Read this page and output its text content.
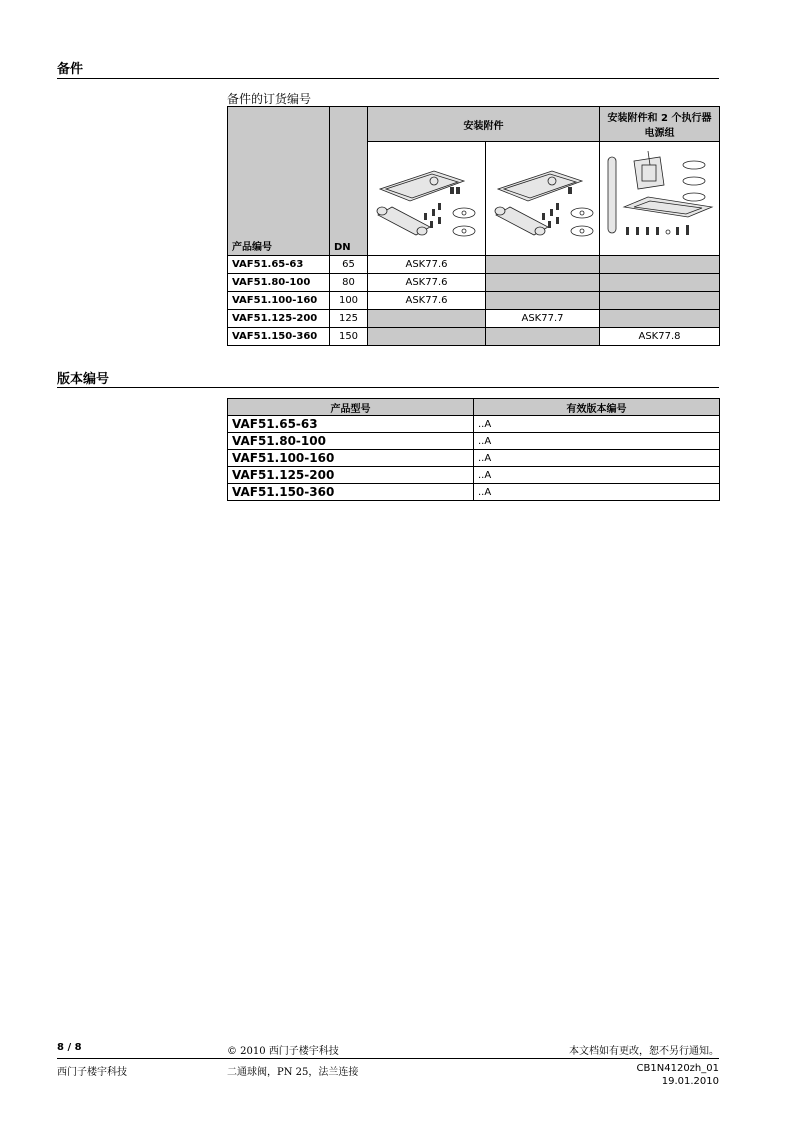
备件
备件的订货编号
产品编号	DN	安装附件		安装附件和 2 个执行器电源组

VAF51.65-63	65	ASK77.6		
VAF51.80-100	80	ASK77.6		
VAF51.100-160	100	ASK77.6		
VAF51.125-200	125		ASK77.7	
VAF51.150-360	150			ASK77.8
版本编号
产品型号	有效版本编号
VAF51.65-63	..A
VAF51.80-100	..A
VAF51.100-160	..A
VAF51.125-200	..A
VAF51.150-360	..A
8 / 8	© 2010 西门子楼宇科技	本文档如有更改，恕不另行通知。
西门子楼宇科技	二通球阀，PN 25，法兰连接	CB1N4120zh_01
19.01.2010
